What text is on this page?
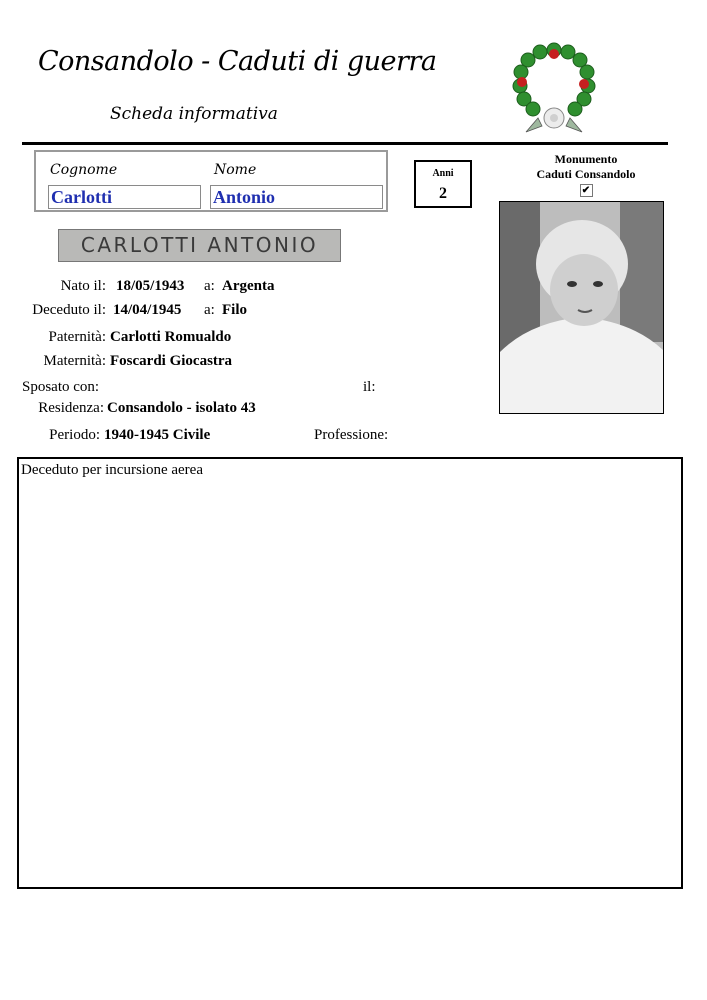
Consandolo - Caduti di guerra
Scheda informativa
Cognome	Nome
Carlotti	Antonio
Anni
2
Monumento
Caduti Consandolo
✔
CARLOTTI ANTONIO
Nato il: 18/05/1943 a: Argenta
Deceduto il: 14/04/1945 a: Filo
Paternità: Carlotti Romualdo
Maternità: Foscardi Giocastra
Sposato con:	il:
Residenza: Consandolo - isolato 43
Periodo: 1940-1945 Civile	Professione:
Deceduto per incursione aerea
